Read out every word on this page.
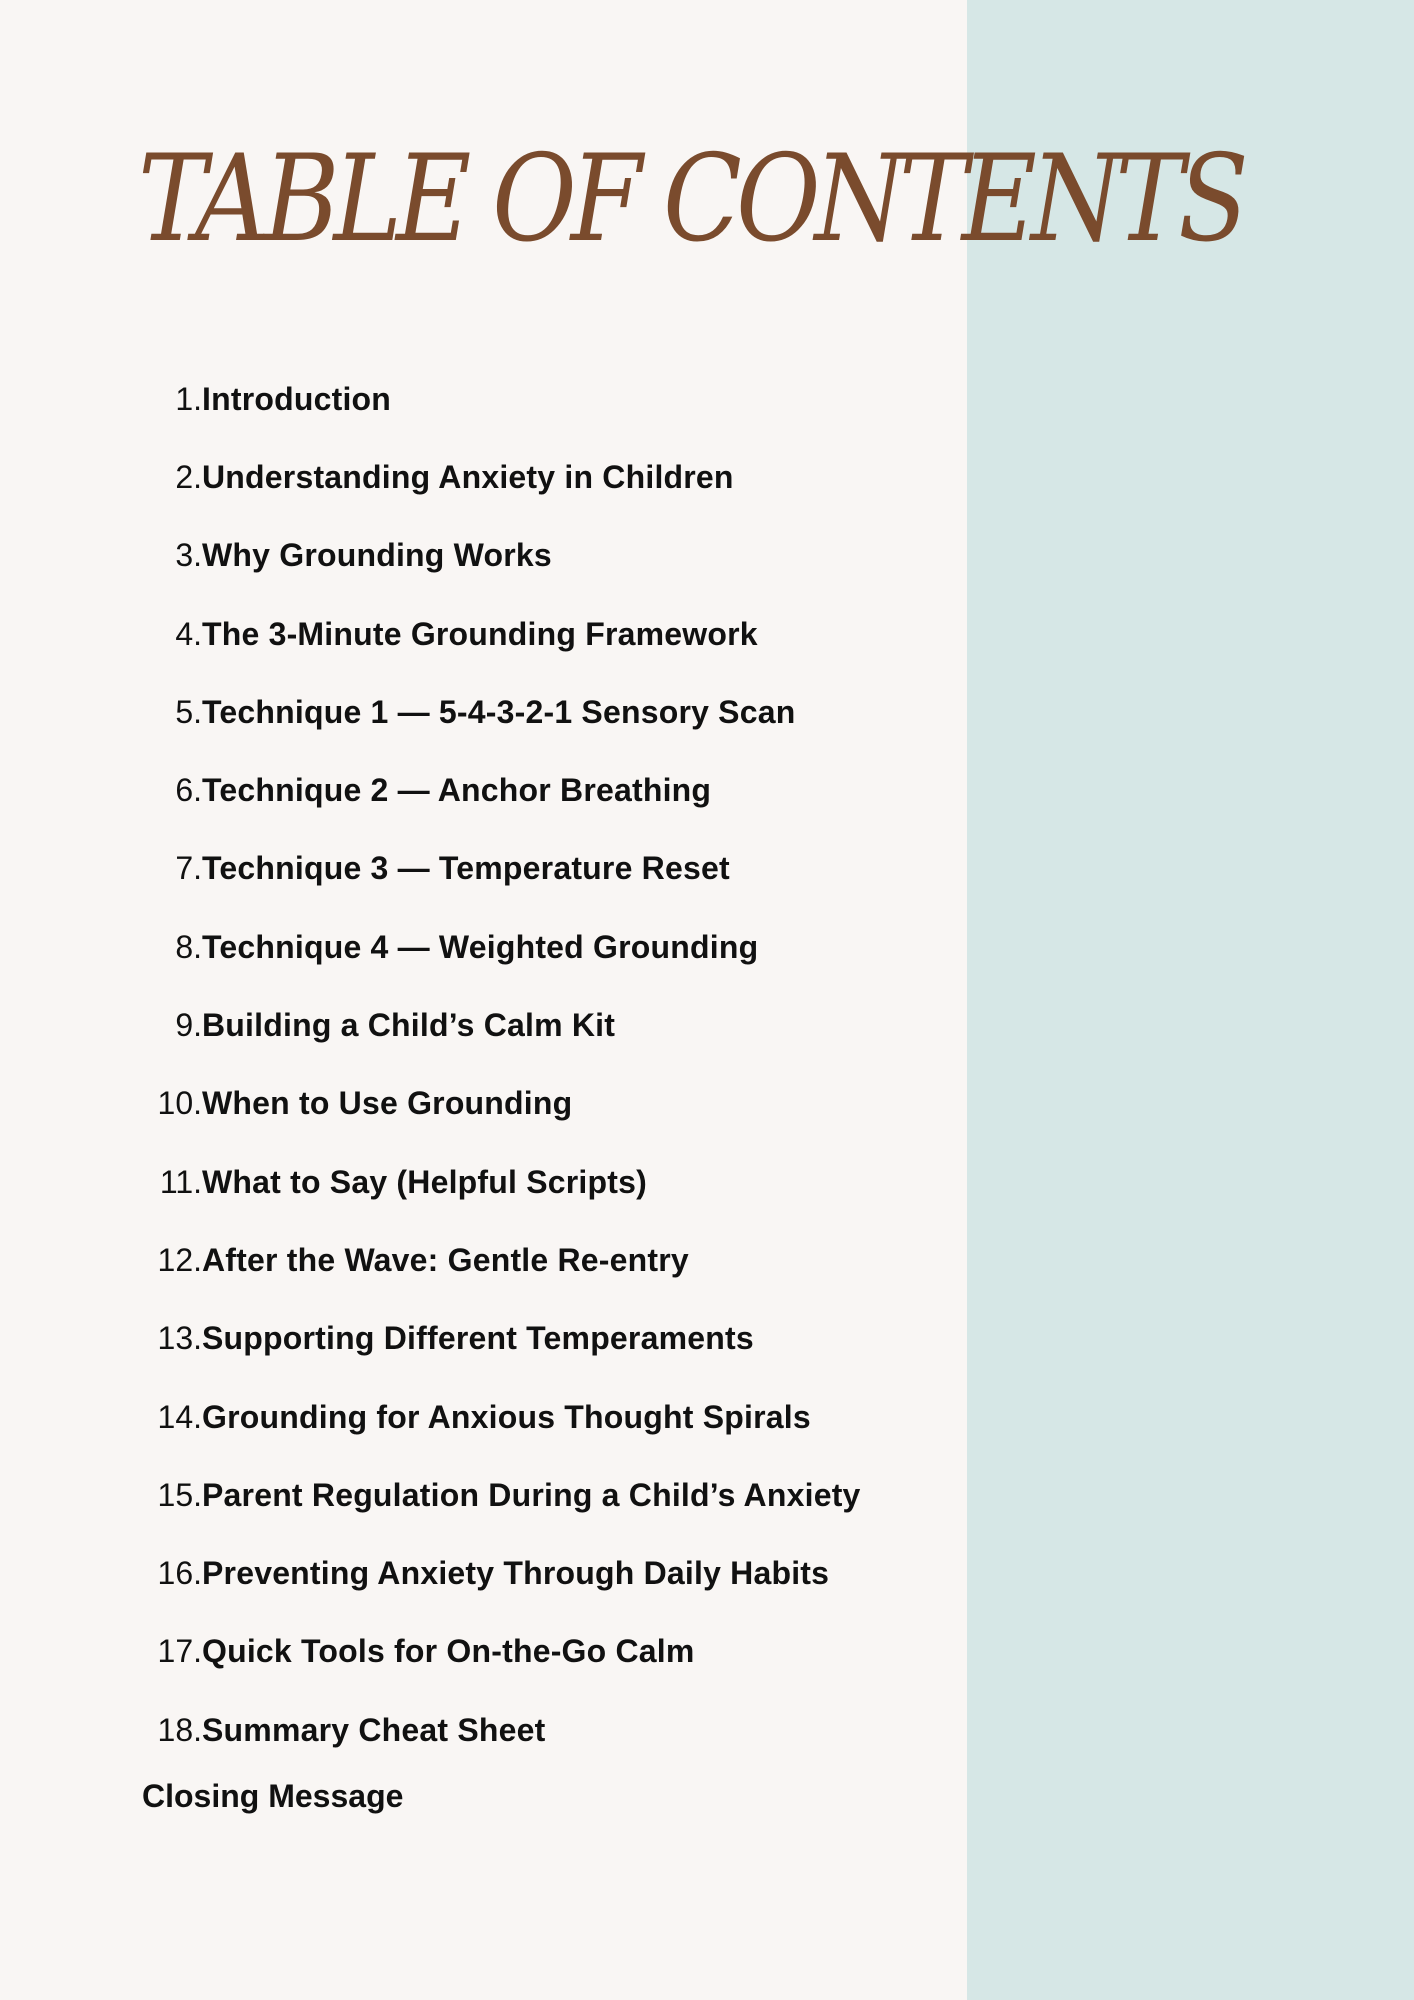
TABLE OF CONTENTS
1. Introduction
2. Understanding Anxiety in Children
3. Why Grounding Works
4. The 3-Minute Grounding Framework
5. Technique 1 — 5-4-3-2-1 Sensory Scan
6. Technique 2 — Anchor Breathing
7. Technique 3 — Temperature Reset
8. Technique 4 — Weighted Grounding
9. Building a Child’s Calm Kit
10. When to Use Grounding
11. What to Say (Helpful Scripts)
12. After the Wave: Gentle Re-entry
13. Supporting Different Temperaments
14. Grounding for Anxious Thought Spirals
15. Parent Regulation During a Child’s Anxiety
16. Preventing Anxiety Through Daily Habits
17. Quick Tools for On-the-Go Calm
18. Summary Cheat Sheet
Closing Message
